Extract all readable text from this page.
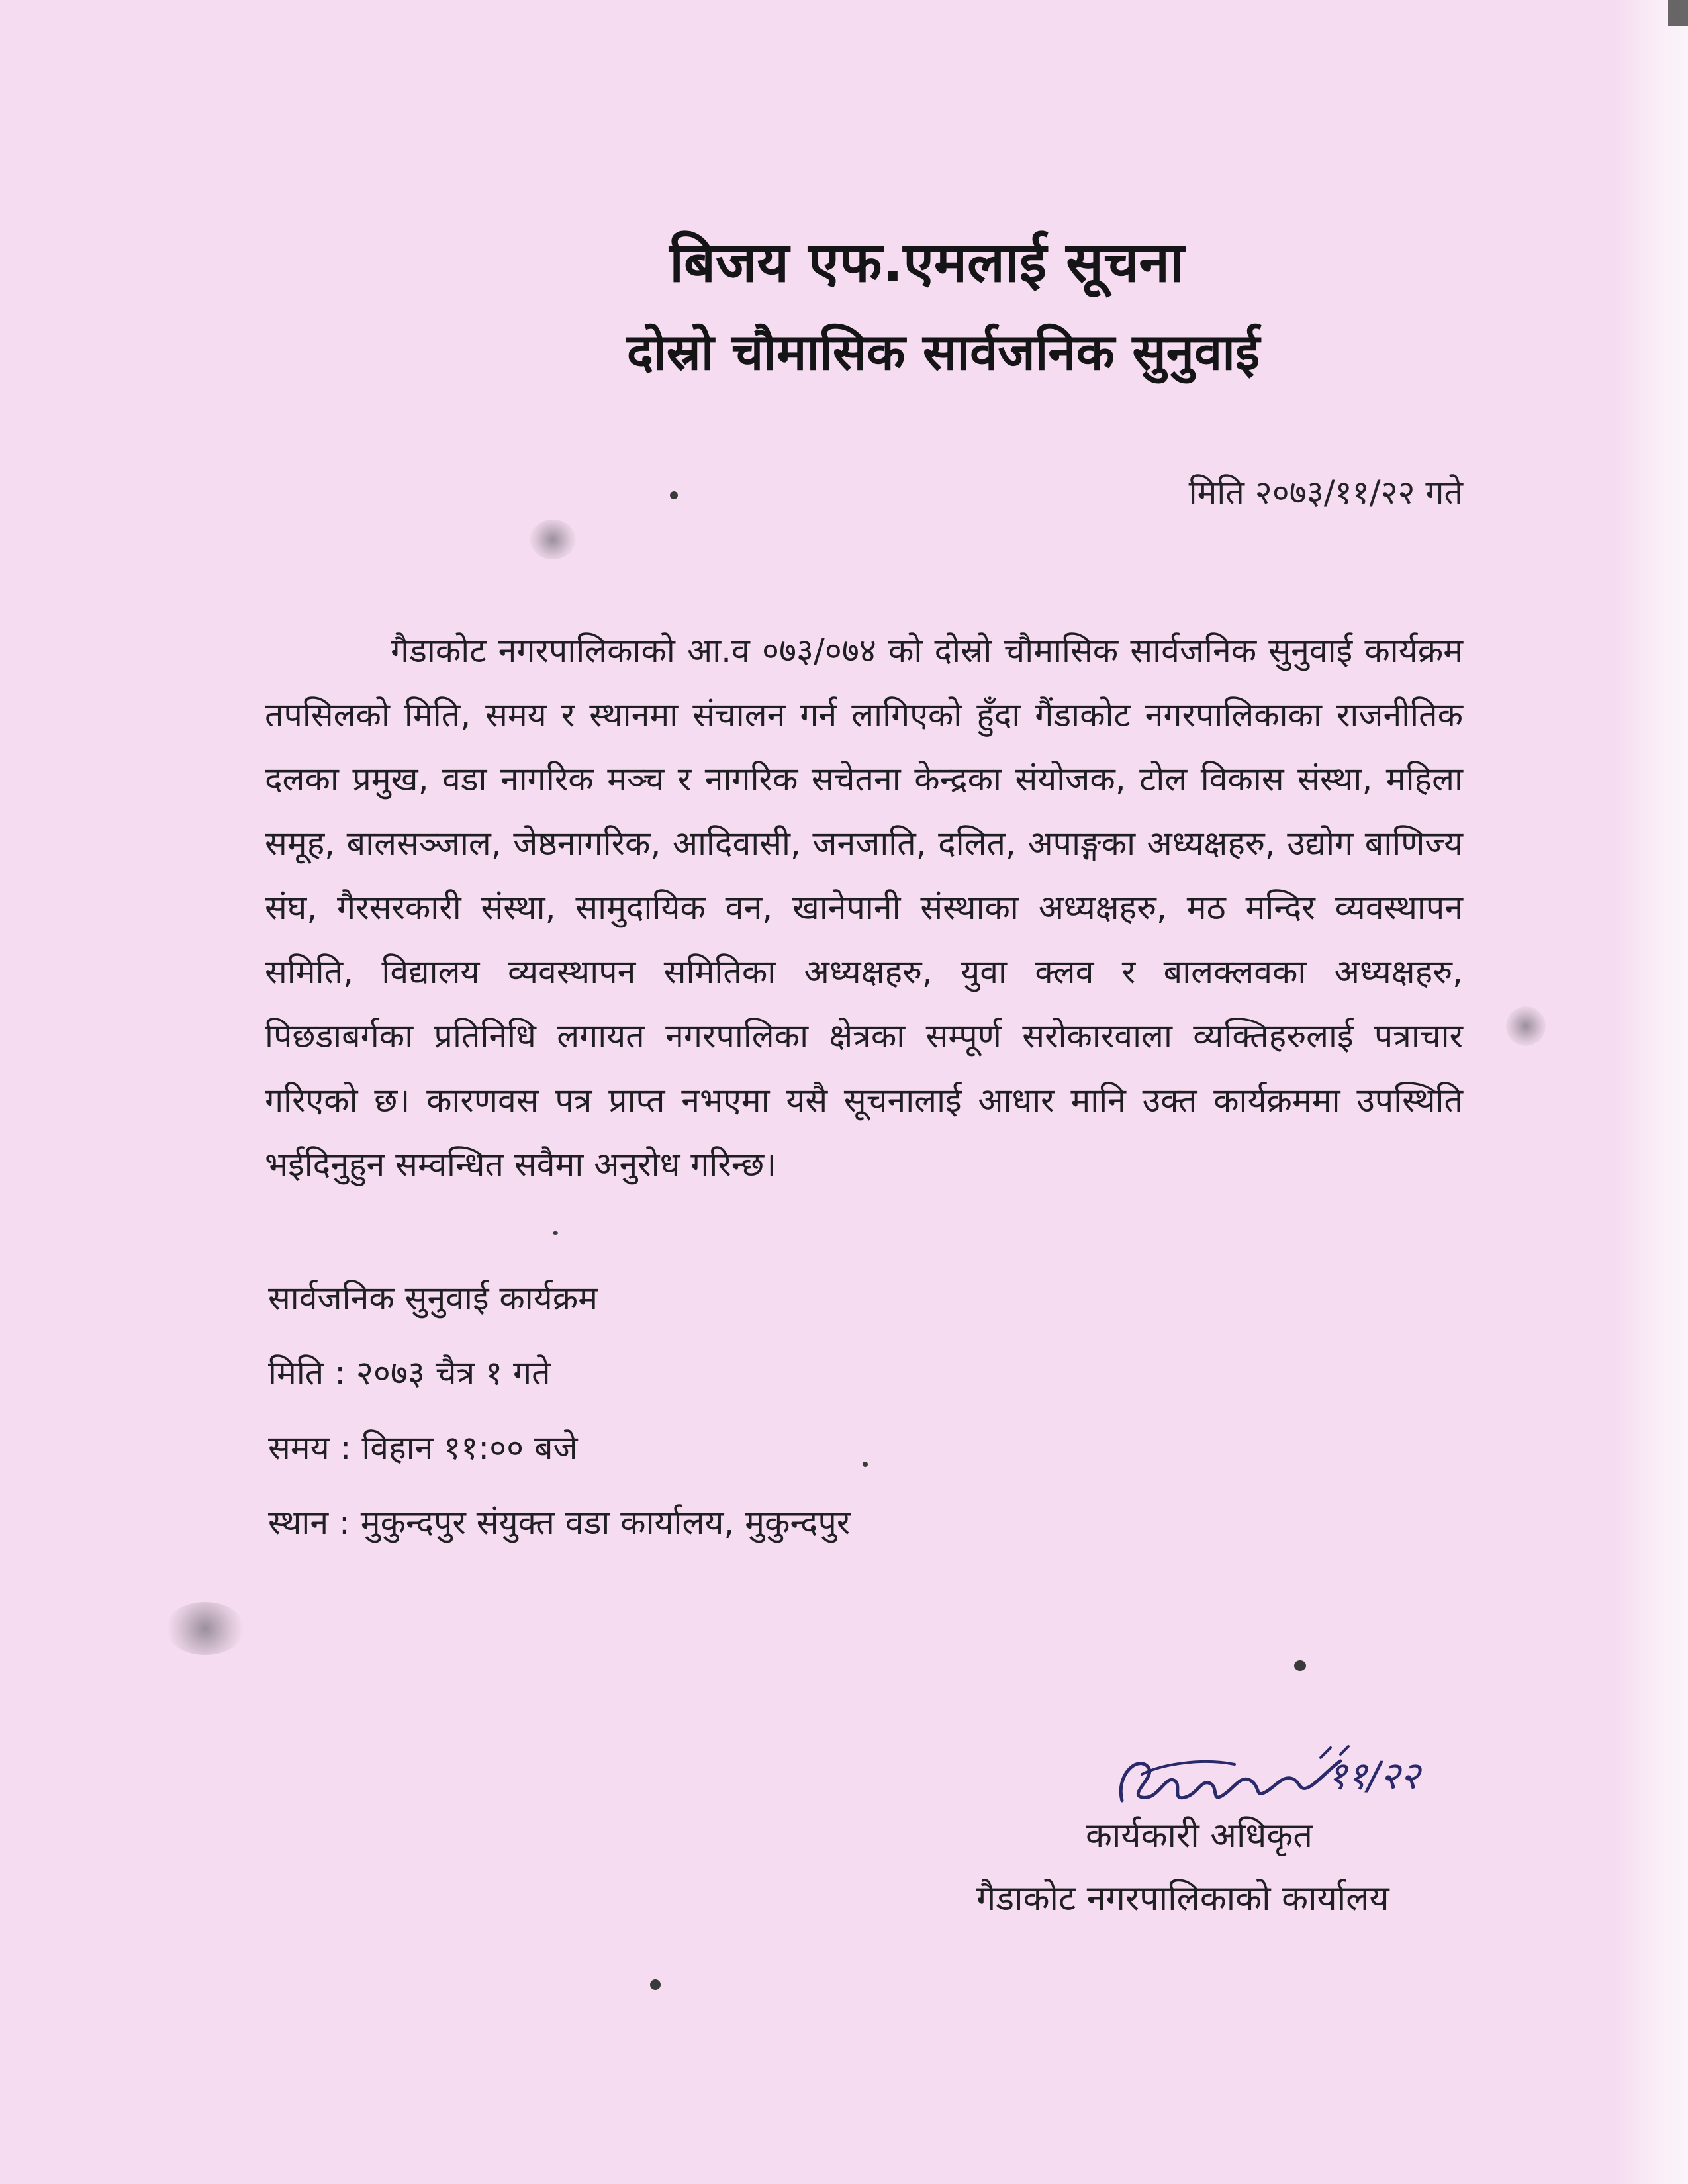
बिजय एफ.एमलाई सूचना
दोस्रो चौमासिक सार्वजनिक सुनुवाई
मिति २०७३/११/२२ गते

गैडाकोट नगरपालिकाको आ.व ०७३/०७४ को दोस्रो चौमासिक सार्वजनिक सुनुवाई कार्यक्रम तपसिलको मिति, समय र स्थानमा संचालन गर्न लागिएको हुँदा गैंडाकोट नगरपालिकाका राजनीतिक दलका प्रमुख, वडा नागरिक मञ्च र नागरिक सचेतना केन्द्रका संयोजक, टोल विकास संस्था, महिला समूह, बालसञ्जाल, जेष्ठनागरिक, आदिवासी, जनजाति, दलित, अपाङ्गका अध्यक्षहरु, उद्योग बाणिज्य संघ, गैरसरकारी संस्था, सामुदायिक वन, खानेपानी संस्थाका अध्यक्षहरु, मठ मन्दिर व्यवस्थापन समिति, विद्यालय व्यवस्थापन समितिका अध्यक्षहरु, युवा क्लव र बालक्लवका अध्यक्षहरु, पिछडाबर्गका प्रतिनिधि लगायत नगरपालिका क्षेत्रका सम्पूर्ण सरोकारवाला व्यक्तिहरुलाई पत्राचार गरिएको छ। कारणवस पत्र प्राप्त नभएमा यसै सूचनालाई आधार मानि उक्त कार्यक्रममा उपस्थिति भईदिनुहुन सम्वन्धित सवैमा अनुरोध गरिन्छ।

सार्वजनिक सुनुवाई कार्यक्रम
मिति : २०७३ चैत्र १ गते
समय : विहान ११:०० बजे
स्थान : मुकुन्दपुर संयुक्त वडा कार्यालय, मुकुन्दपुर
११/२२
कार्यकारी अधिकृत
गैडाकोट नगरपालिकाको कार्यालय
